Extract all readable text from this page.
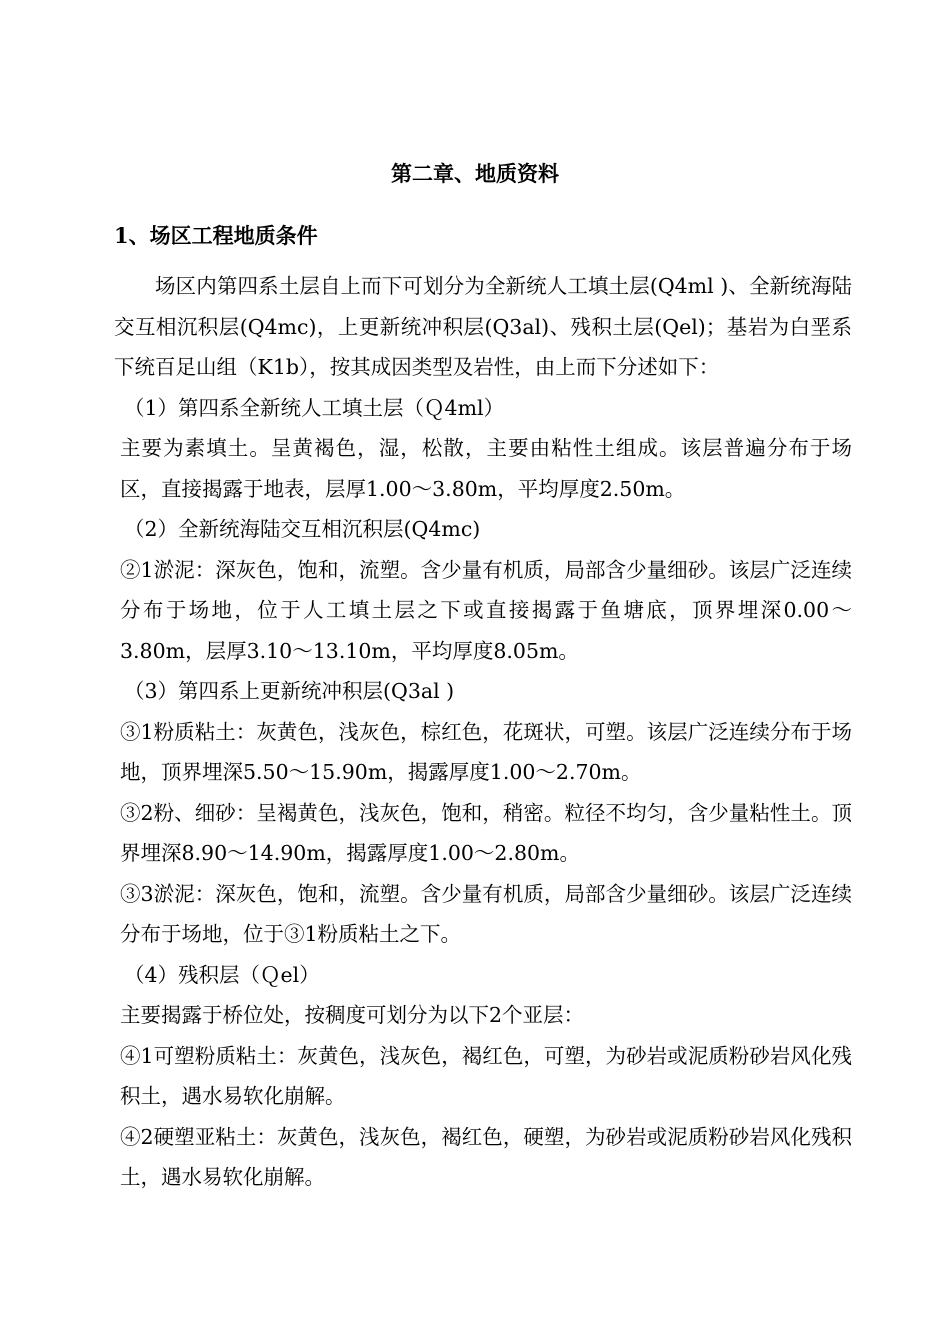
第二章、地质资料
1、场区工程地质条件

场区内第四系土层自上而下可划分为全新统人工填土层(Q4ml )、全新统海陆交互相沉积层(Q4mc)，上更新统冲积层(Q3al)、残积土层(Qel)；基岩为白垩系下统百足山组（K1b），按其成因类型及岩性，由上而下分述如下：

（1）第四系全新统人工填土层（Ｑ4ml）

主要为素填土。呈黄褐色，湿，松散，主要由粘性土组成。该层普遍分布于场区，直接揭露于地表，层厚1.00～3.80m，平均厚度2.50m。

（2）全新统海陆交互相沉积层(Q4mc)

②1淤泥：深灰色，饱和，流塑。含少量有机质，局部含少量细砂。该层广泛连续分布于场地，位于人工填土层之下或直接揭露于鱼塘底，顶界埋深0.00～3.80m，层厚3.10～13.10m，平均厚度8.05m。

（3）第四系上更新统冲积层(Q3al )

③1粉质粘土：灰黄色，浅灰色，棕红色，花斑状，可塑。该层广泛连续分布于场地，顶界埋深5.50～15.90m，揭露厚度1.00～2.70m。

③2粉、细砂：呈褐黄色，浅灰色，饱和，稍密。粒径不均匀，含少量粘性土。顶界埋深8.90～14.90m，揭露厚度1.00～2.80m。

③3淤泥：深灰色，饱和，流塑。含少量有机质，局部含少量细砂。该层广泛连续分布于场地，位于③1粉质粘土之下。

（4）残积层（Ｑel）

主要揭露于桥位处，按稠度可划分为以下2个亚层：

④1可塑粉质粘土：灰黄色，浅灰色，褐红色，可塑，为砂岩或泥质粉砂岩风化残积土，遇水易软化崩解。

④2硬塑亚粘土：灰黄色，浅灰色，褐红色，硬塑，为砂岩或泥质粉砂岩风化残积土，遇水易软化崩解。
